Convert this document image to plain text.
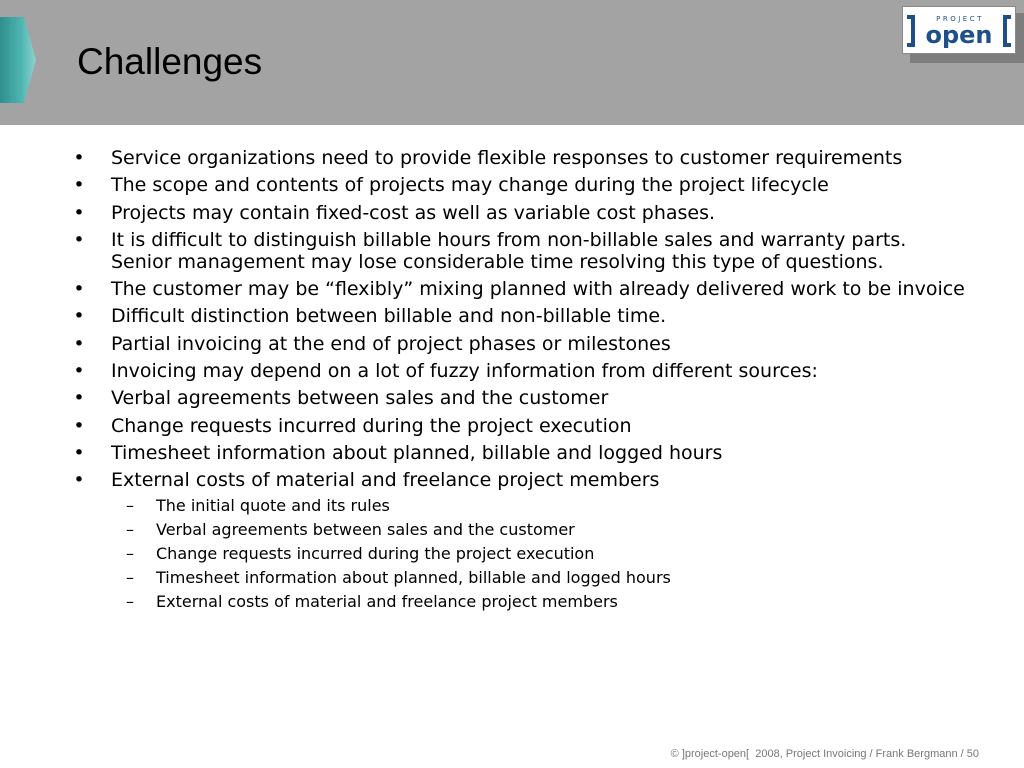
Challenges
PROJECT
open
• Service organizations need to provide flexible responses to customer requirements
• The scope and contents of projects may change during the project lifecycle
• Projects may contain fixed-cost as well as variable cost phases.
• It is difficult to distinguish billable hours from non-billable sales and warranty parts. Senior management may lose considerable time resolving this type of questions.
• The customer may be “flexibly” mixing planned with already delivered work to be invoice
• Difficult distinction between billable and non-billable time.
• Partial invoicing at the end of project phases or milestones
• Invoicing may depend on a lot of fuzzy information from different sources:
• Verbal agreements between sales and the customer
• Change requests incurred during the project execution
• Timesheet information about planned, billable and logged hours
• External costs of material and freelance project members
– The initial quote and its rules
– Verbal agreements between sales and the customer
– Change requests incurred during the project execution
– Timesheet information about planned, billable and logged hours
– External costs of material and freelance project members
© ]project-open[  2008, Project Invoicing / Frank Bergmann / 50
